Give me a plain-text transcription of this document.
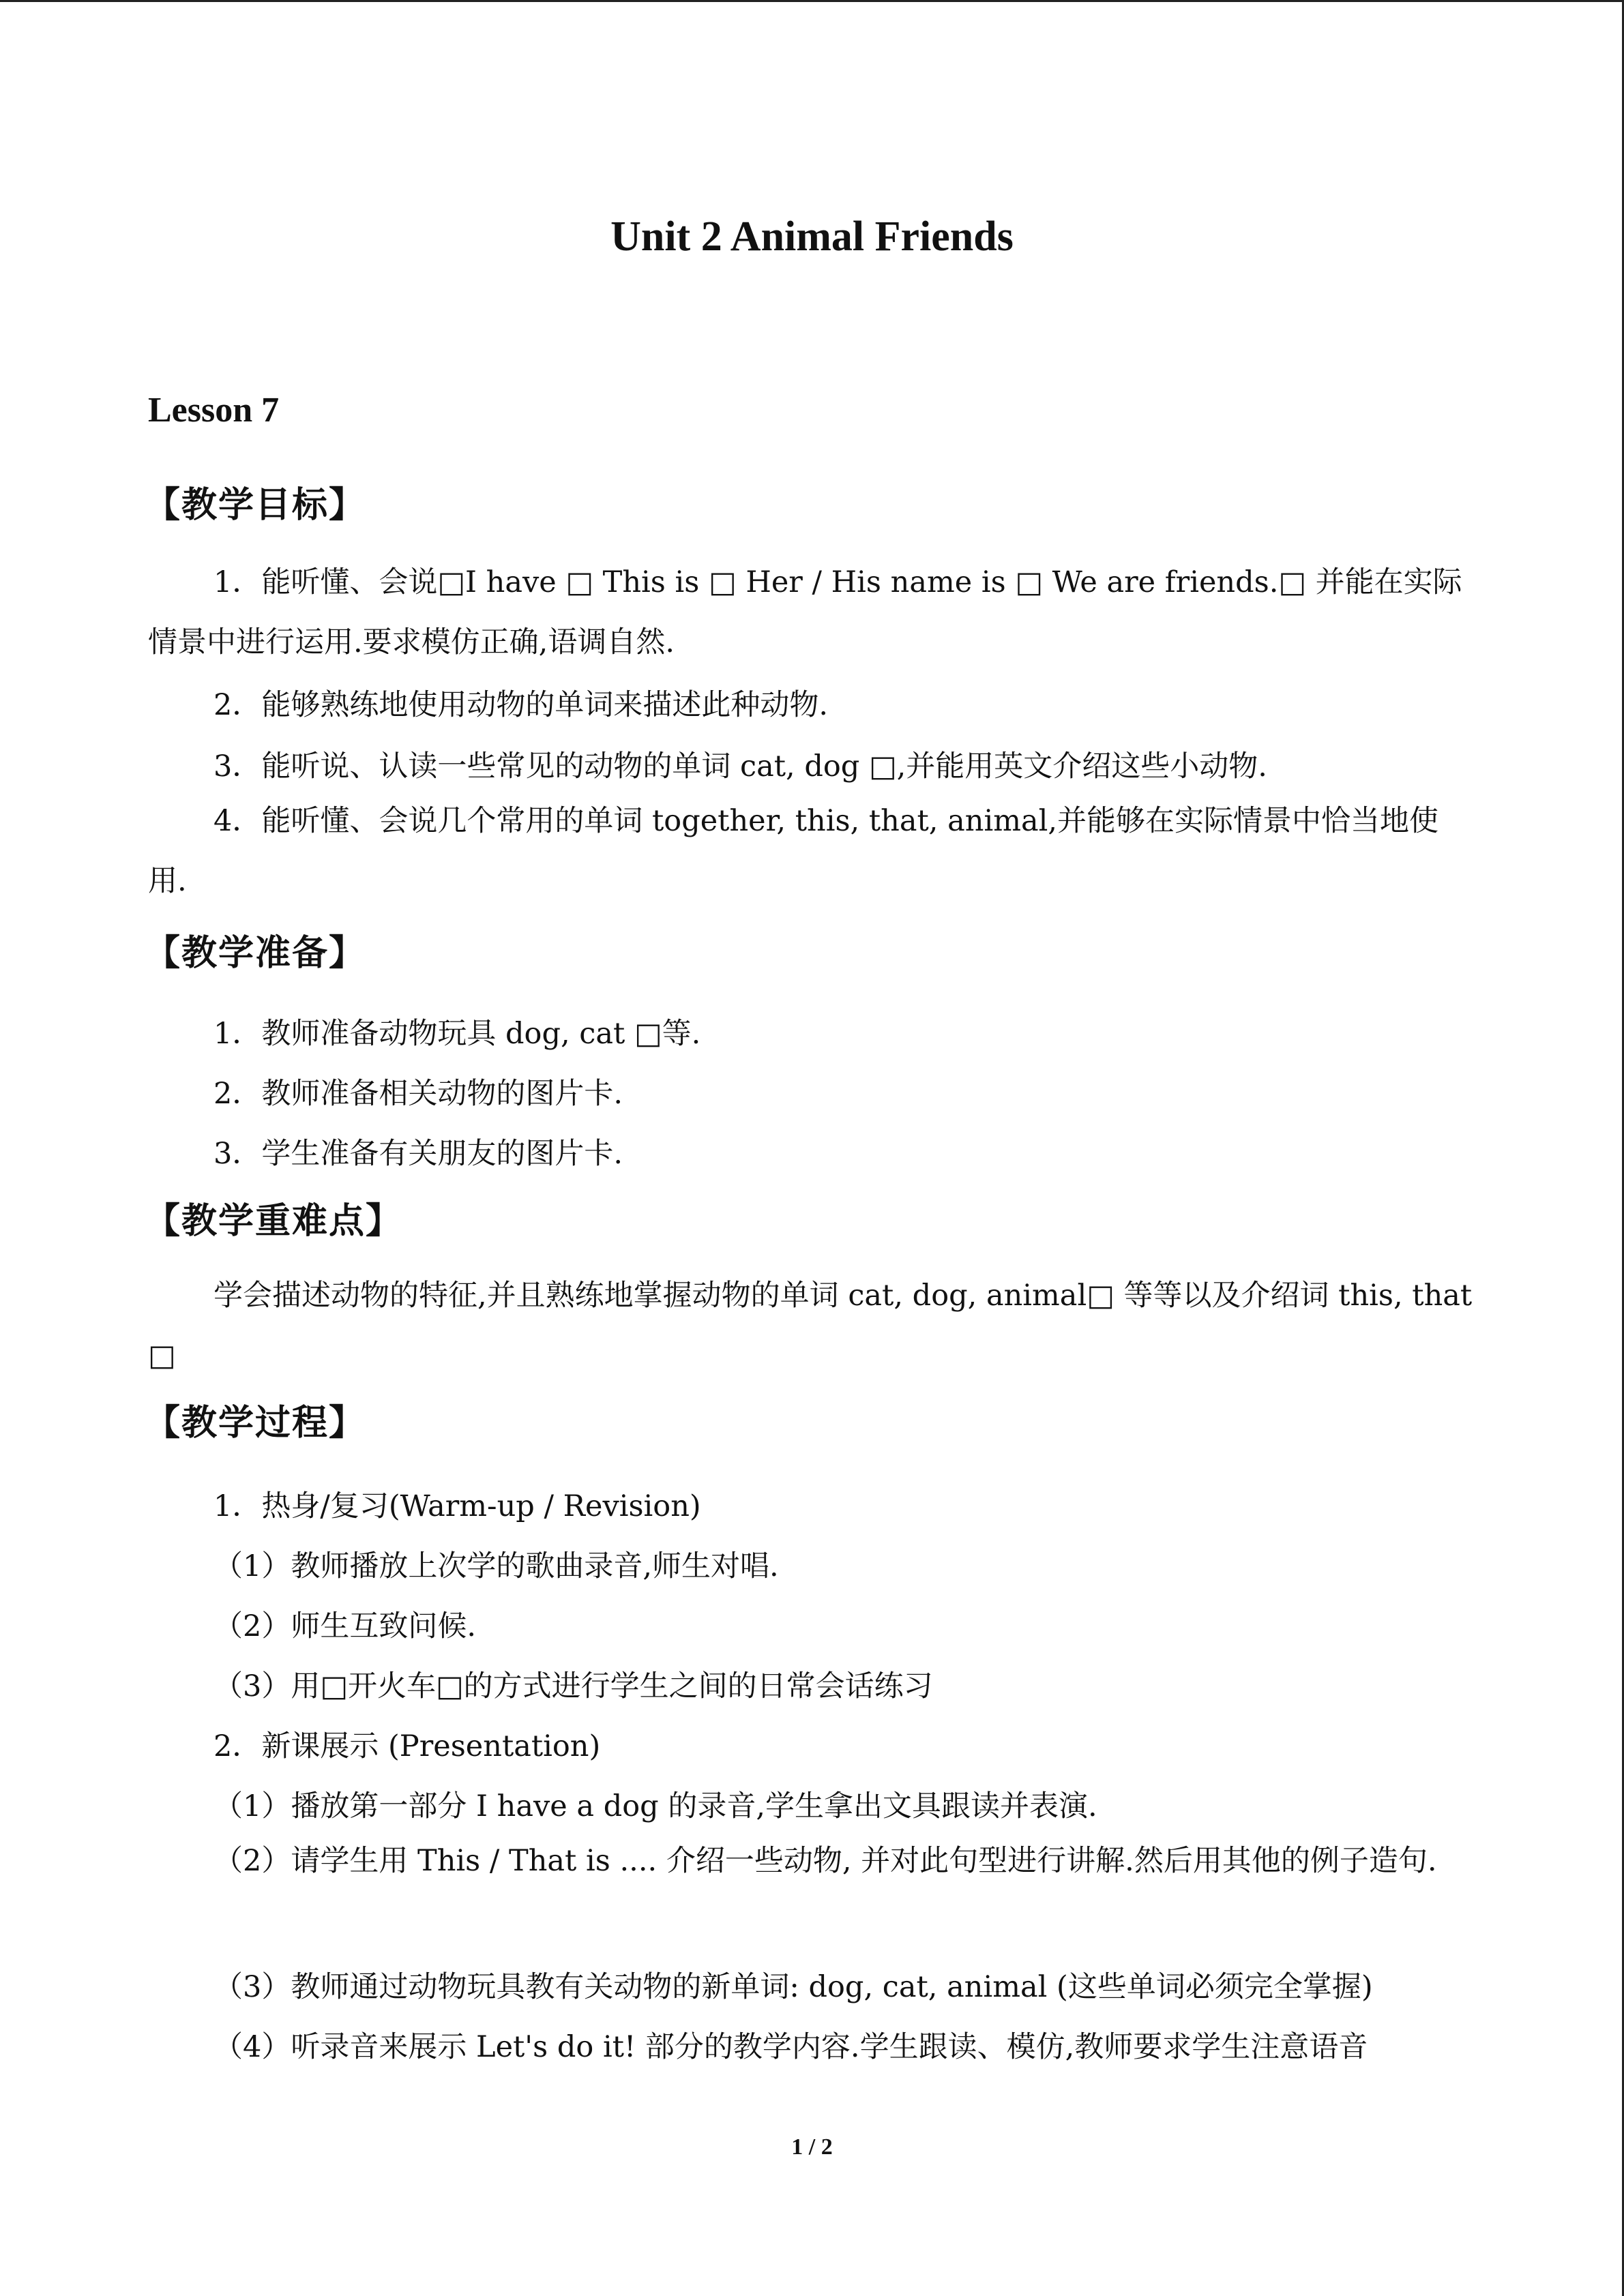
Unit 2 Animal Friends
Lesson 7
【教学目标】
1．能听懂、会说□I have □ This is □ Her / His name is □ We are friends.□ 并能在实际情景中进行运用.要求模仿正确,语调自然.
2．能够熟练地使用动物的单词来描述此种动物.
3．能听说、认读一些常见的动物的单词 cat, dog □,并能用英文介绍这些小动物.
4．能听懂、会说几个常用的单词 together, this, that, animal,并能够在实际情景中恰当地使用.
【教学准备】
1．教师准备动物玩具 dog, cat □等.
2．教师准备相关动物的图片卡.
3．学生准备有关朋友的图片卡.
【教学重难点】
学会描述动物的特征,并且熟练地掌握动物的单词 cat, dog, animal□ 等等以及介绍词 this, that □
【教学过程】
1．热身/复习(Warm-up / Revision)
（1）教师播放上次学的歌曲录音,师生对唱.
（2）师生互致问候.
（3）用□开火车□的方式进行学生之间的日常会话练习
2．新课展示 (Presentation)
（1）播放第一部分 I have a dog 的录音,学生拿出文具跟读并表演.
（2）请学生用 This / That is .... 介绍一些动物, 并对此句型进行讲解.然后用其他的例子造句.
（3）教师通过动物玩具教有关动物的新单词: dog, cat, animal (这些单词必须完全掌握)
（4）听录音来展示 Let's do it! 部分的教学内容.学生跟读、模仿,教师要求学生注意语音
1 / 2
